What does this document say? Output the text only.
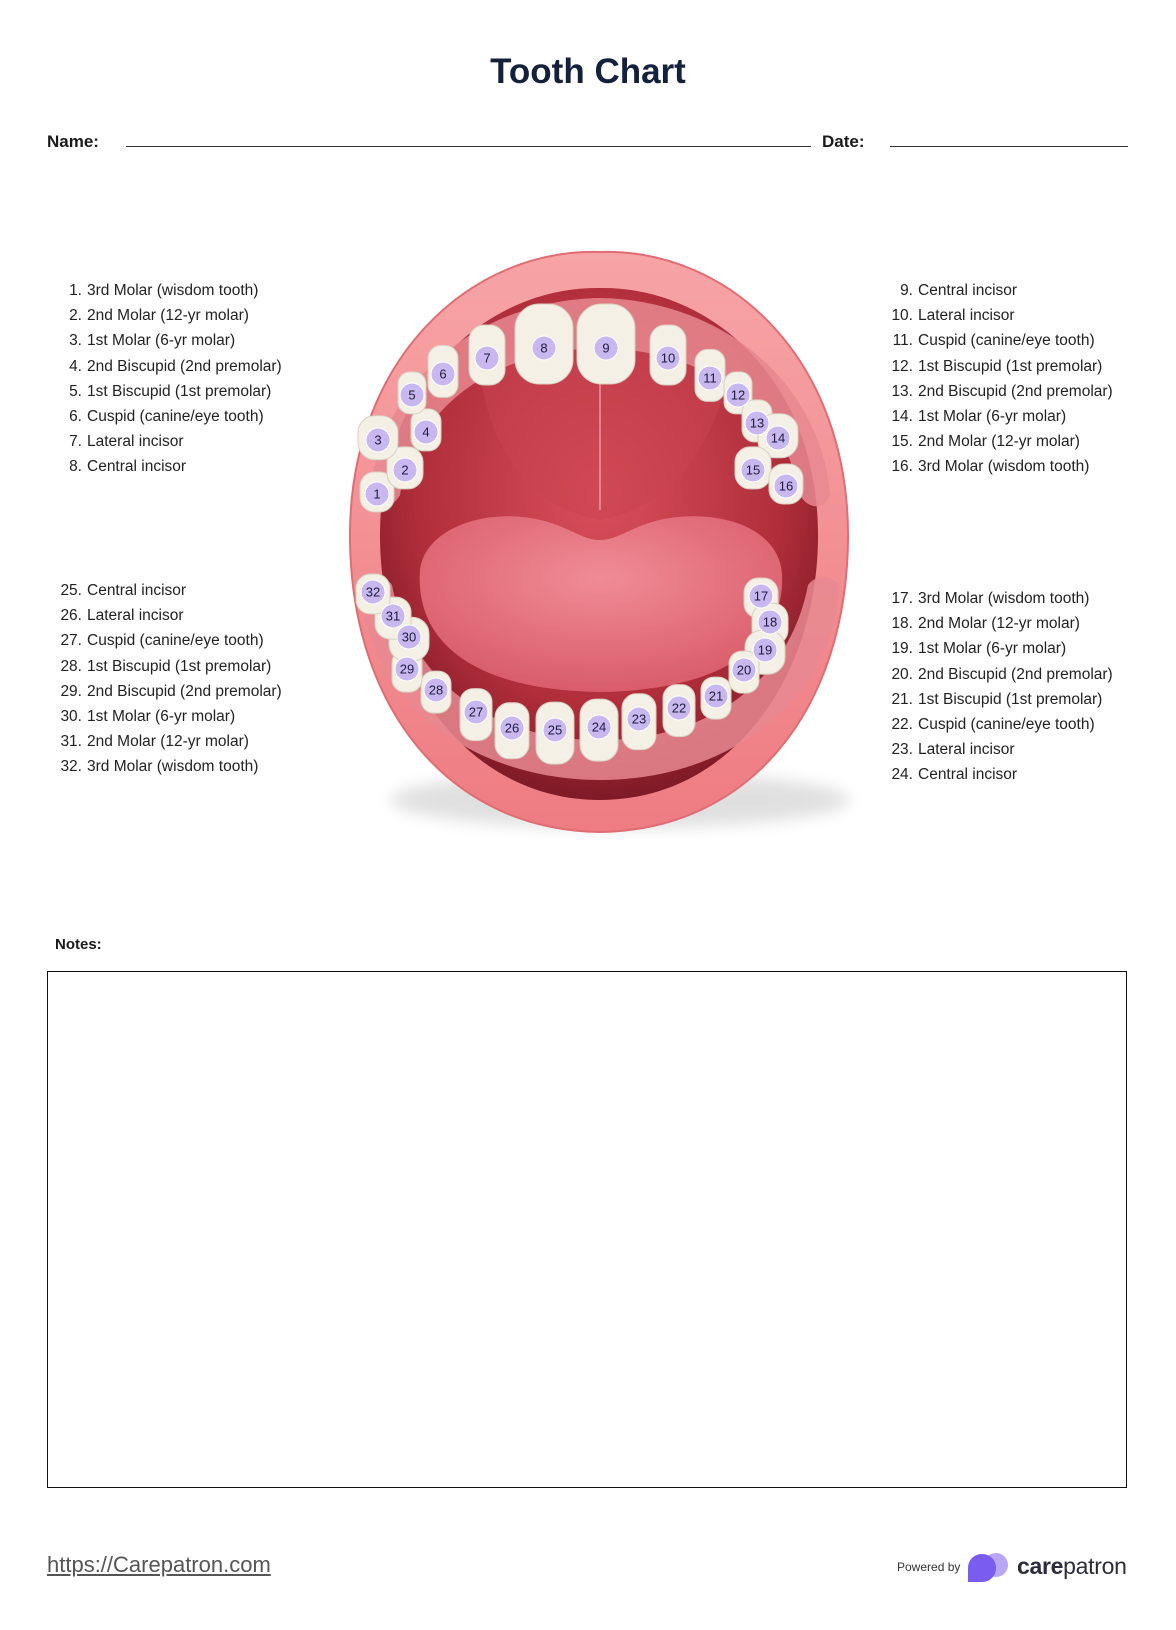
Tooth Chart
Name:	Date:
1. 3rd Molar (wisdom tooth)
2. 2nd Molar (12-yr molar)
3. 1st Molar (6-yr molar)
4. 2nd Biscupid (2nd premolar)
5. 1st Biscupid (1st premolar)
6. Cuspid (canine/eye tooth)
7. Lateral incisor
8. Central incisor
9. Central incisor
10. Lateral incisor
11. Cuspid (canine/eye tooth)
12. 1st Biscupid (1st premolar)
13. 2nd Biscupid (2nd premolar)
14. 1st Molar (6-yr molar)
15. 2nd Molar (12-yr molar)
16. 3rd Molar (wisdom tooth)
25. Central incisor
26. Lateral incisor
27. Cuspid (canine/eye tooth)
28. 1st Biscupid (1st premolar)
29. 2nd Biscupid (2nd premolar)
30. 1st Molar (6-yr molar)
31. 2nd Molar (12-yr molar)
32. 3rd Molar (wisdom tooth)
17. 3rd Molar (wisdom tooth)
18. 2nd Molar (12-yr molar)
19. 1st Molar (6-yr molar)
20. 2nd Biscupid (2nd premolar)
21. 1st Biscupid (1st premolar)
22. Cuspid (canine/eye tooth)
23. Lateral incisor
24. Central incisor
1
2
3
4
5
6
7
8	9
10
11
12
13
14
15
16
17
18
19
20
21
22
23
24
25
26
27
28
29
30
31
32
Notes:
https://Carepatron.com	Powered by carepatron
